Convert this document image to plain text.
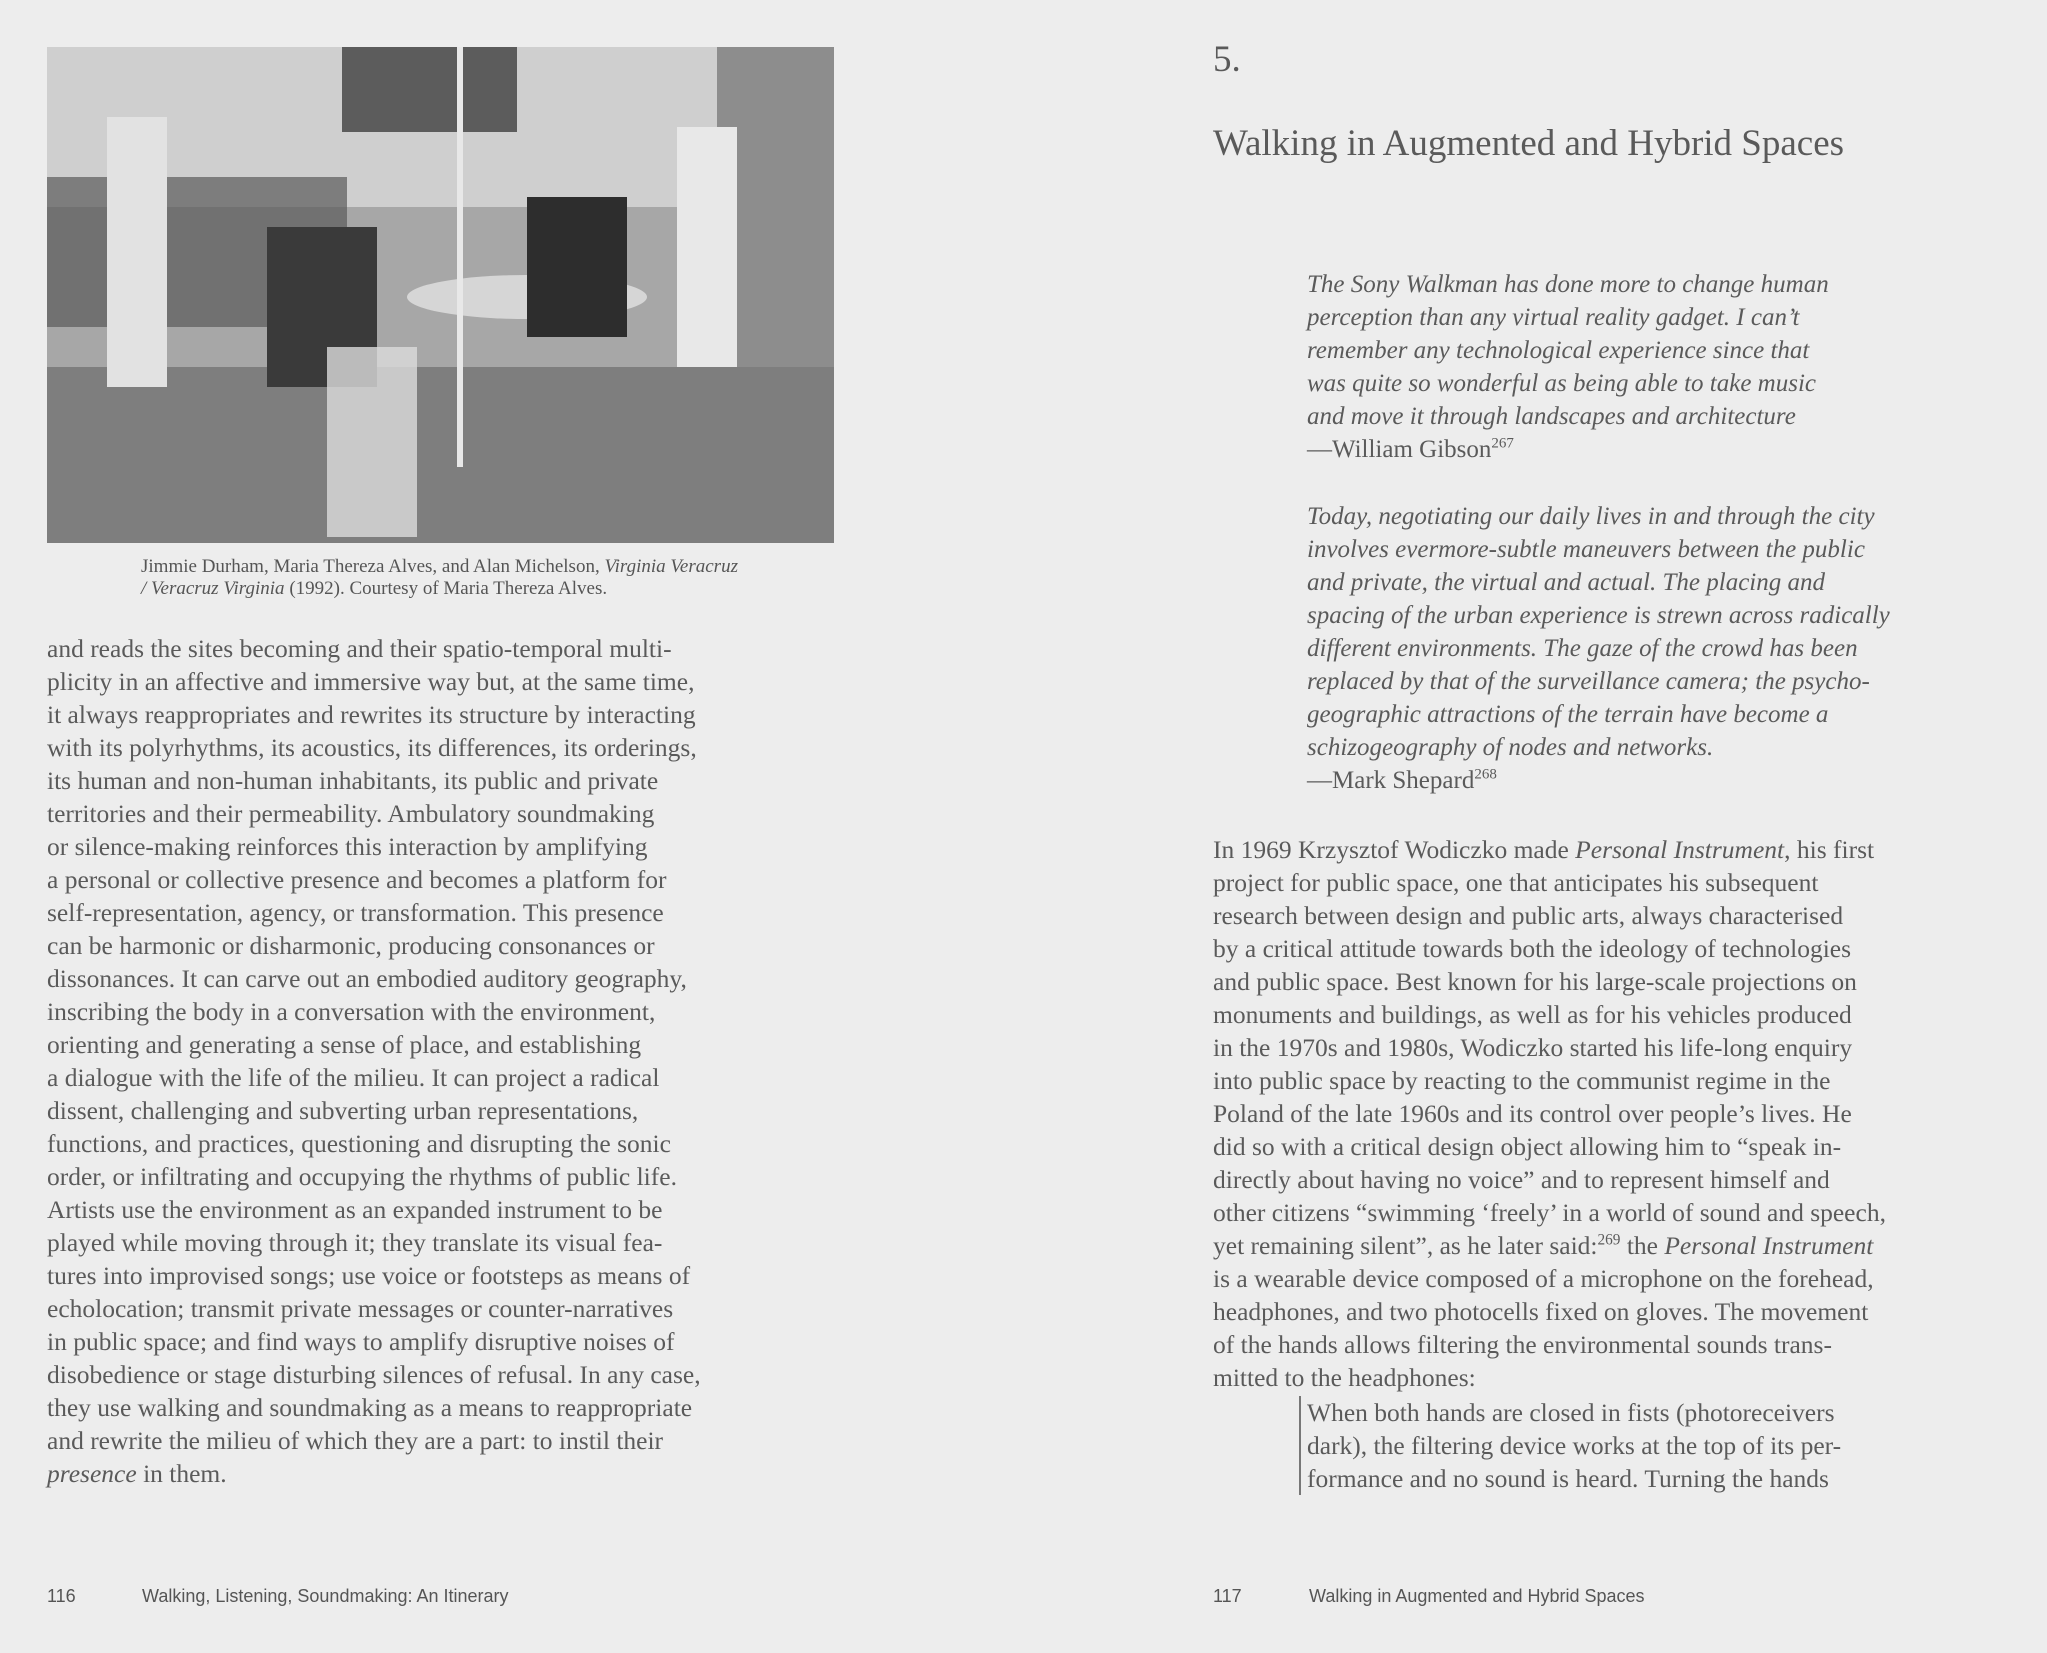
Jimmie Durham, Maria Thereza Alves, and Alan Michelson, Virginia Veracruz
/ Veracruz Virginia (1992). Courtesy of Maria Thereza Alves.
and reads the sites becoming and their spatio-temporal multi-
plicity in an affective and immersive way but, at the same time,
it always reappropriates and rewrites its structure by interacting
with its polyrhythms, its acoustics, its differences, its orderings,
its human and non-human inhabitants, its public and private
territories and their permeability. Ambulatory soundmaking
or silence-making reinforces this interaction by amplifying
a personal or collective presence and becomes a platform for
self-representation, agency, or transformation. This presence
can be harmonic or disharmonic, producing consonances or
dissonances. It can carve out an embodied auditory geography,
inscribing the body in a conversation with the environment,
orienting and generating a sense of place, and establishing
a dialogue with the life of the milieu. It can project a radical
dissent, challenging and subverting urban representations,
functions, and practices, questioning and disrupting the sonic
order, or infiltrating and occupying the rhythms of public life.
Artists use the environment as an expanded instrument to be
played while moving through it; they translate its visual fea-
tures into improvised songs; use voice or footsteps as means of
echolocation; transmit private messages or counter-narratives
in public space; and find ways to amplify disruptive noises of
disobedience or stage disturbing silences of refusal. In any case,
they use walking and soundmaking as a means to reappropriate
and rewrite the milieu of which they are a part: to instil their
presence in them.
116	Walking, Listening, Soundmaking: An Itinerary
5.
Walking in Augmented and Hybrid Spaces
The Sony Walkman has done more to change human
perception than any virtual reality gadget. I can’t
remember any technological experience since that
was quite so wonderful as being able to take music
and move it through landscapes and architecture
—William Gibson$^{267}$
Today, negotiating our daily lives in and through the city
involves evermore-subtle maneuvers between the public
and private, the virtual and actual. The placing and
spacing of the urban experience is strewn across radically
different environments. The gaze of the crowd has been
replaced by that of the surveillance camera; the psycho-
geographic attractions of the terrain have become a
schizogeography of nodes and networks.
—Mark Shepard$^{268}$
In 1969 Krzysztof Wodiczko made Personal Instrument, his first
project for public space, one that anticipates his subsequent
research between design and public arts, always characterised
by a critical attitude towards both the ideology of technologies
and public space. Best known for his large-scale projections on
monuments and buildings, as well as for his vehicles produced
in the 1970s and 1980s, Wodiczko started his life-long enquiry
into public space by reacting to the communist regime in the
Poland of the late 1960s and its control over people’s lives. He
did so with a critical design object allowing him to “speak in-
directly about having no voice” and to represent himself and
other citizens “swimming ‘freely’ in a world of sound and speech,
yet remaining silent”, as he later said:$^{269}$ the Personal Instrument
is a wearable device composed of a microphone on the forehead,
headphones, and two photocells fixed on gloves. The movement
of the hands allows filtering the environmental sounds trans-
mitted to the headphones:
When both hands are closed in fists (photoreceivers
dark), the filtering device works at the top of its per-
formance and no sound is heard. Turning the hands
117	Walking in Augmented and Hybrid Spaces
